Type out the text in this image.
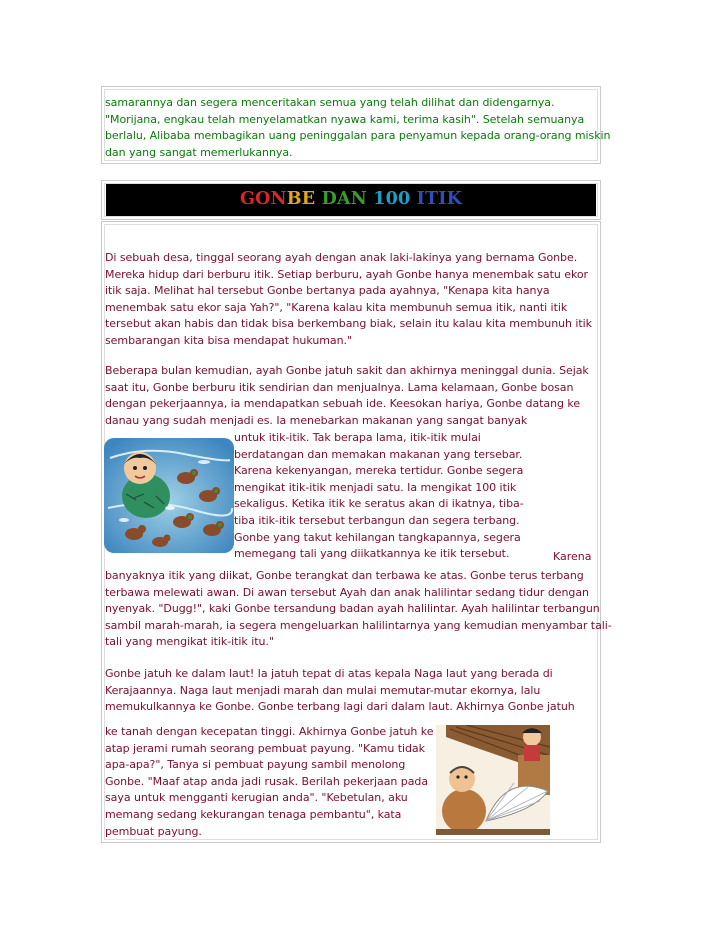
samarannya dan segera menceritakan semua yang telah dilihat dan didengarnya.
"Morijana, engkau telah menyelamatkan nyawa kami, terima kasih". Setelah semuanya
berlalu, Alibaba membagikan uang peninggalan para penyamun kepada orang-orang miskin
dan yang sangat memerlukannya.

GONBE DAN 100 ITIK

Di sebuah desa, tinggal seorang ayah dengan anak laki-lakinya yang bernama Gonbe.
Mereka hidup dari berburu itik. Setiap berburu, ayah Gonbe hanya menembak satu ekor
itik saja. Melihat hal tersebut Gonbe bertanya pada ayahnya, "Kenapa kita hanya
menembak satu ekor saja Yah?", "Karena kalau kita membunuh semua itik, nanti itik
tersebut akan habis dan tidak bisa berkembang biak, selain itu kalau kita membunuh itik
sembarangan kita bisa mendapat hukuman."

Beberapa bulan kemudian, ayah Gonbe jatuh sakit dan akhirnya meninggal dunia. Sejak
saat itu, Gonbe berburu itik sendirian dan menjualnya. Lama kelamaan, Gonbe bosan
dengan pekerjaannya, ia mendapatkan sebuah ide. Keesokan hariya, Gonbe datang ke
danau yang sudah menjadi es. Ia menebarkan makanan yang sangat banyak

untuk itik-itik. Tak berapa lama, itik-itik mulai
berdatangan dan memakan makanan yang tersebar.
Karena kekenyangan, mereka tertidur. Gonbe segera
mengikat itik-itik menjadi satu. Ia mengikat 100 itik
sekaligus. Ketika itik ke seratus akan di ikatnya, tiba-
tiba itik-itik tersebut terbangun dan segera terbang.
Gonbe yang takut kehilangan tangkapannya, segera
memegang tali yang diikatkannya ke itik tersebut.	Karena

banyaknya itik yang diikat, Gonbe terangkat dan terbawa ke atas. Gonbe terus terbang
terbawa melewati awan. Di awan tersebut Ayah dan anak halilintar sedang tidur dengan
nyenyak. "Dugg!", kaki Gonbe tersandung badan ayah halilintar. Ayah halilintar terbangun
sambil marah-marah, ia segera mengeluarkan halilintarnya yang kemudian menyambar tali-
tali yang mengikat itik-itik itu."

Gonbe jatuh ke dalam laut! Ia jatuh tepat di atas kepala Naga laut yang berada di
Kerajaannya. Naga laut menjadi marah dan mulai memutar-mutar ekornya, lalu
memukulkannya ke Gonbe. Gonbe terbang lagi dari dalam laut. Akhirnya Gonbe jatuh

ke tanah dengan kecepatan tinggi. Akhirnya Gonbe jatuh ke
atap jerami rumah seorang pembuat payung. "Kamu tidak
apa-apa?", Tanya si pembuat payung sambil menolong
Gonbe. "Maaf atap anda jadi rusak. Berilah pekerjaan pada
saya untuk mengganti kerugian anda". "Kebetulan, aku
memang sedang kekurangan tenaga pembantu", kata
pembuat payung.
